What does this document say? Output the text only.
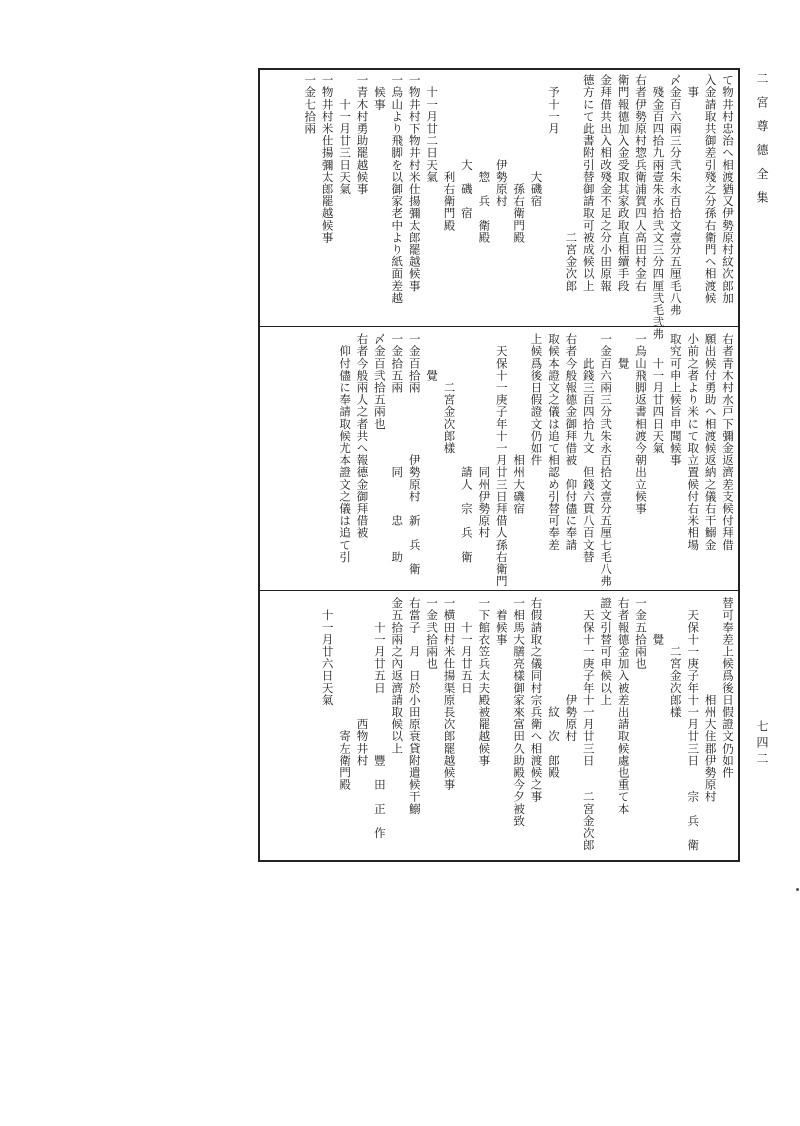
二 宮 尊 德 全 集
七四二

て物井村忠治へ相渡猶又伊勢原村紋次郎加

入金請取共御差引殘之分孫右衛門へ相渡候

　事

〆金百六兩三分弐朱永百拾文壹分五厘毛八弗

　殘金百四拾九兩壹朱永拾弐文三分四厘弐毛弐弗

右者伊勢原村惣兵衛浦賀四人高田村金右

衛門報德加入金受取其家政取直相續手段

金拜借共出入相改殘金不足之分小田原報

德方にて此書附引替御請取可被成候以上

　　　　　　　　　　　　　二宮金次郎

　予十一月

　　　　　　　　大磯宿

　　　　　　　　　孫右衛門殿

　　　　　　　伊勢原村

　　　　　　　　惣　兵　衛殿

　　　　　　　大　磯　宿

　　　　　　　　利右衛門殿

　十一月廿二日天氣

一物井村下物井村米仕揚彌太郎罷越候事

一烏山より飛脚を以御家老中より紙面差越

　候事

一青木村勇助罷越候事

　　十一月廿三日天氣

一物井村米仕揚彌太郎罷越候事

一金七拾兩

右者青木村水戸下彌金返濟差支候付拜借

願出候付勇助へ相渡候返納之儀右干鰯金

小前之者より米にて取立置候付右米相場

取究可申上候旨申聞候事

　　十一月廿四日天氣

一烏山飛脚返書相渡今朝出立候事

　　覺

一金百六兩三分弐朱永百拾文壹分五厘七毛八弗

　　此錢三百四拾九文　但錢六貫八百文替

右者今般報德金御拜借被　仰付儘に奉請

取候本證文之儀は追て相認め引替可奉差

上候爲後日假證文仍如件

　　　　　　　　　　相州大磯宿

　天保十一庚子年十一月廿三日拜借人孫右衛門

　　　　　　　　　　　同州伊勢原村

　　　　　　　　　　　請人　宗　兵　衛

　　　　二宮金次郎樣

　　　覺

一金百拾兩　　　　　伊勢原村　新　兵　衛

一金拾五兩　　　　　　同　　　忠　　助

〆金百弐拾五兩也

右者今般兩人之者共へ報德金御拜借被

　仰付儘に奉請取候尤本證文之儀は追て引

替可奉差上候爲後日假證文仍如件

　　　　　　　　相州大住郡伊勢原村

　天保十一庚子年十一月廿三日　　宗　兵　衛

　　　　二宮金次郎樣

　　　覺

一金五拾兩也

右者報德金加入被差出請取候處也重て本

證文引替可申候以上

　天保十一庚子年十一月廿三日　　二宮金次郎

　　　　　　　　伊勢原村

　　　　　　　　　紋　次　郎殿

右假請取之儀同村宗兵衛へ相渡候之事

一相馬大膳亮樣御家來富田久助殿今夕被致

　着候事

一下館衣笠兵太夫殿被罷越候事

　　十一月廿五日

一横田村米仕揚渠原長次郎罷越候事

一金弐拾兩也

右當子　月　日於小田原衰貸附遣候干鰯

金五拾兩之內返濟請取候以上

　　十一月廿五日　　　　　豐　田　正　作

　　　　　　　　　　西物井村

　　　　　　　　　　　寄左衛門殿

　十一月廿六日天氣
